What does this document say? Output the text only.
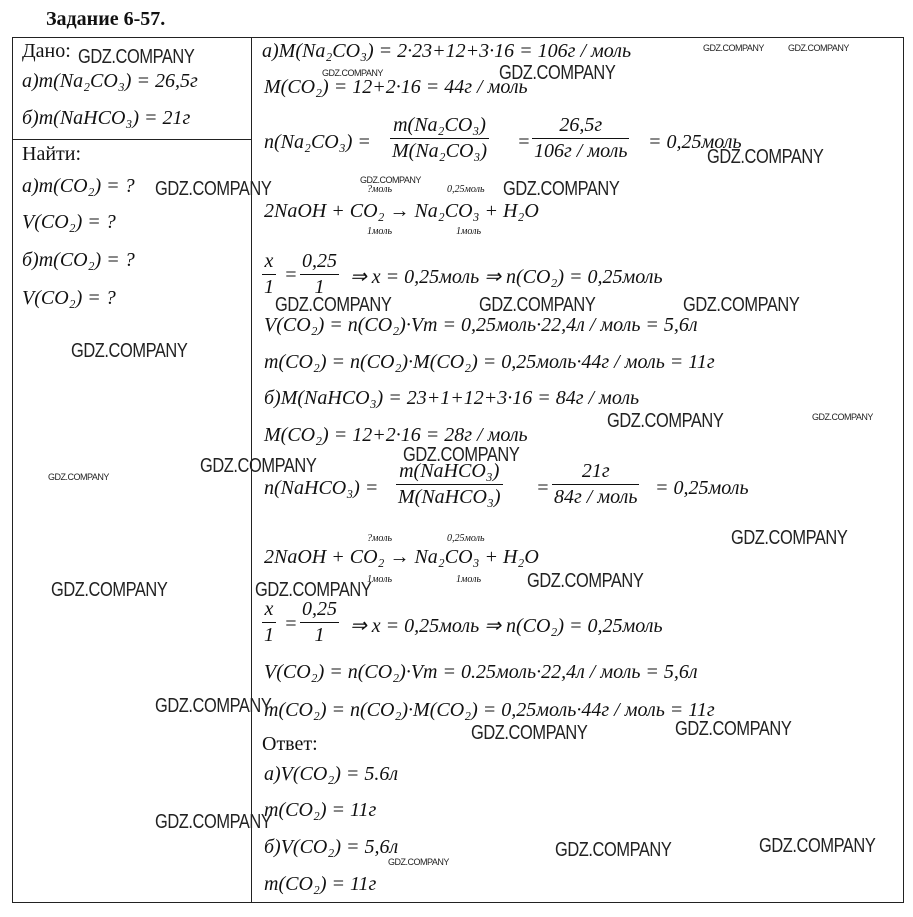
Задание 6-57.
Дано:
а)m(Na₂CO₃) = 26,5г
б)m(NaHCO₃) = 21г
Найти:
а)m(CO₂) = ?
V(CO₂) = ?
б)m(CO₂) = ?
V(CO₂) = ?
а)M(Na₂CO₃) = 2·23+12+3·16 = 106г / моль
M(CO₂) = 12+2·16 = 44г / моль
$n(Na_2CO_3) = \frac{\text{m(Na₂CO₃)}}{\text{M(Na₂CO₃)}}$ =
26,5г
106г / моль = 0,25моль
?моль	0,25моль
2NaOH + CO₂ → Na₂CO₃ + H₂O
1моль	1моль
$\frac{x}{1} = \frac{0,25}{1}$ ⇒ x = 0,25моль ⇒ n(CO₂) = 0,25моль
V(CO₂) = n(CO₂)·Vm = 0,25моль·22,4л / моль = 5,6л
m(CO₂) = n(CO₂)·M(CO₂) = 0,25моль·44г / моль = 11г
б)M(NaHCO₃) = 23+1+12+3·16 = 84г / моль
M(CO₂) = 12+2·16 = 28г / моль
n(NaHCO₃) =
m(NaHCO₃)
M(NaHCO₃) =
21г
84г / моль = 0,25моль
?моль	0,25моль
2NaOH + CO₂ → Na₂CO₃ + H₂O
1моль	1моль
$\frac{x}{1} = \frac{0,25}{1}$ ⇒ x = 0,25моль ⇒ n(CO₂) = 0,25моль
V(CO₂) = n(CO₂)·Vm = 0.25моль·22,4л / моль = 5,6л
m(CO₂) = n(CO₂)·M(CO₂) = 0,25моль·44г / моль = 11г
Ответ:
а)V(CO₂) = 5.6л
m(CO₂) = 11г
б)V(CO₂) = 5,6л
m(CO₂) = 11г
GDZ.COMPANY
GDZ.COMPANY	GDZ.COMPANY
GDZ.COMPANY	GDZ.COMPANY
GDZ.COMPANY
GDZ.COMPANY	GDZ.COMPANY	GDZ.COMPANY
GDZ.COMPANY	GDZ.COMPANY	GDZ.COMPANY
GDZ.COMPANY
GDZ.COMPANY	GDZ.COMPANY
GDZ.COMPANY
GDZ.COMPANY
GDZ.COMPANY
GDZ.COMPANY
GDZ.COMPANY
GDZ.COMPANY	GDZ.COMPANY
GDZ.COMPANY
GDZ.COMPANY
GDZ.COMPANY
GDZ.COMPANY
GDZ.COMPANY
GDZ.COMPANY
GDZ.COMPANY
